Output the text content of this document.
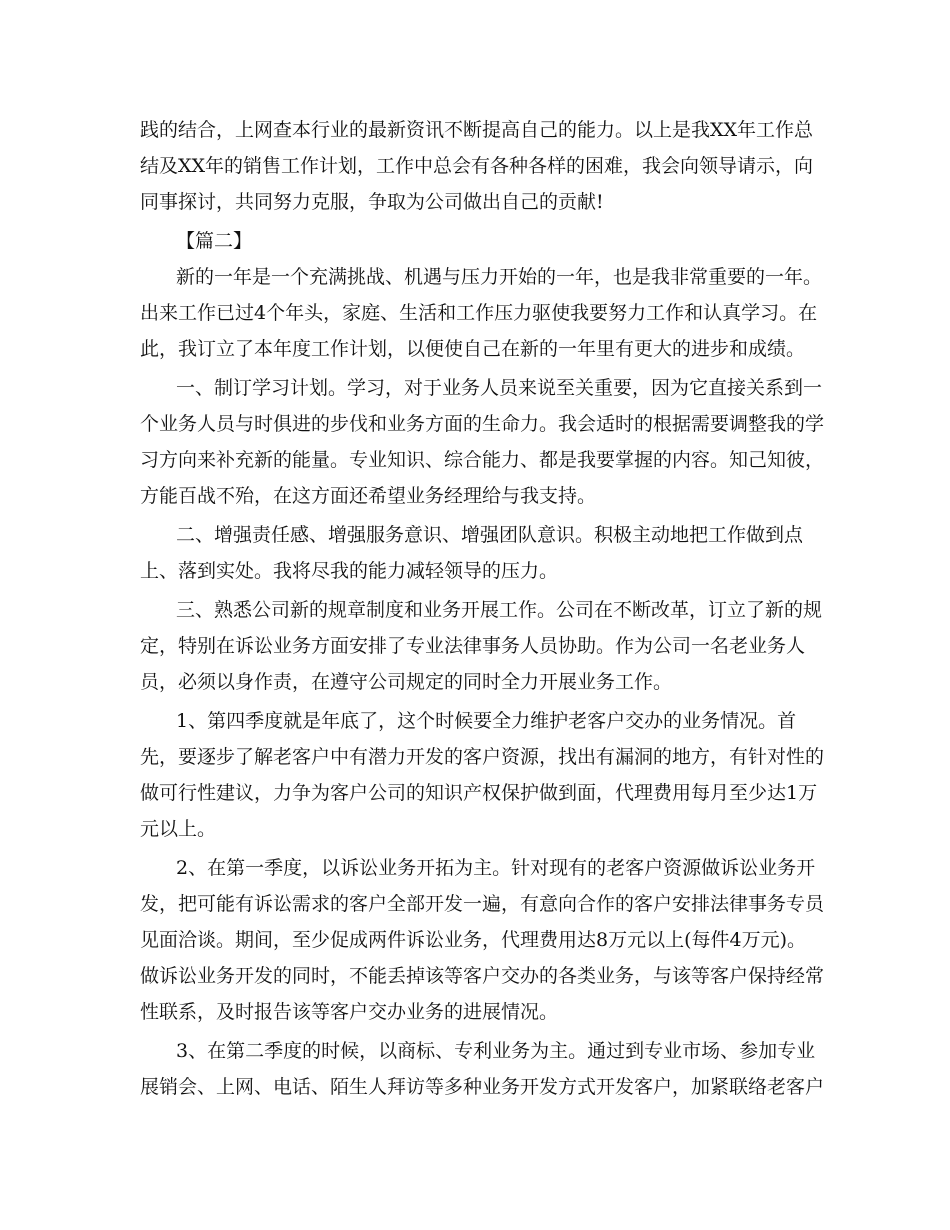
践的结合，上网查本行业的最新资讯不断提高自己的能力。以上是我XX年工作总

结及XX年的销售工作计划，工作中总会有各种各样的困难，我会向领导请示，向

同事探讨，共同努力克服，争取为公司做出自己的贡献!

【篇二】

新的一年是一个充满挑战、机遇与压力开始的一年，也是我非常重要的一年。

出来工作已过4个年头，家庭、生活和工作压力驱使我要努力工作和认真学习。在

此，我订立了本年度工作计划，以便使自己在新的一年里有更大的进步和成绩。

一、制订学习计划。学习，对于业务人员来说至关重要，因为它直接关系到一

个业务人员与时俱进的步伐和业务方面的生命力。我会适时的根据需要调整我的学

习方向来补充新的能量。专业知识、综合能力、都是我要掌握的内容。知己知彼，

方能百战不殆，在这方面还希望业务经理给与我支持。

二、增强责任感、增强服务意识、增强团队意识。积极主动地把工作做到点

上、落到实处。我将尽我的能力减轻领导的压力。

三、熟悉公司新的规章制度和业务开展工作。公司在不断改革，订立了新的规

定，特别在诉讼业务方面安排了专业法律事务人员协助。作为公司一名老业务人

员，必须以身作责，在遵守公司规定的同时全力开展业务工作。

1、第四季度就是年底了，这个时候要全力维护老客户交办的业务情况。首

先，要逐步了解老客户中有潜力开发的客户资源，找出有漏洞的地方，有针对性的

做可行性建议，力争为客户公司的知识产权保护做到面，代理费用每月至少达1万

元以上。

2、在第一季度，以诉讼业务开拓为主。针对现有的老客户资源做诉讼业务开

发，把可能有诉讼需求的客户全部开发一遍，有意向合作的客户安排法律事务专员

见面洽谈。期间，至少促成两件诉讼业务，代理费用达8万元以上(每件4万元)。

做诉讼业务开发的同时，不能丢掉该等客户交办的各类业务，与该等客户保持经常

性联系，及时报告该等客户交办业务的进展情况。

3、在第二季度的时候，以商标、专利业务为主。通过到专业市场、参加专业

展销会、上网、电话、陌生人拜访等多种业务开发方式开发客户，加紧联络老客户
